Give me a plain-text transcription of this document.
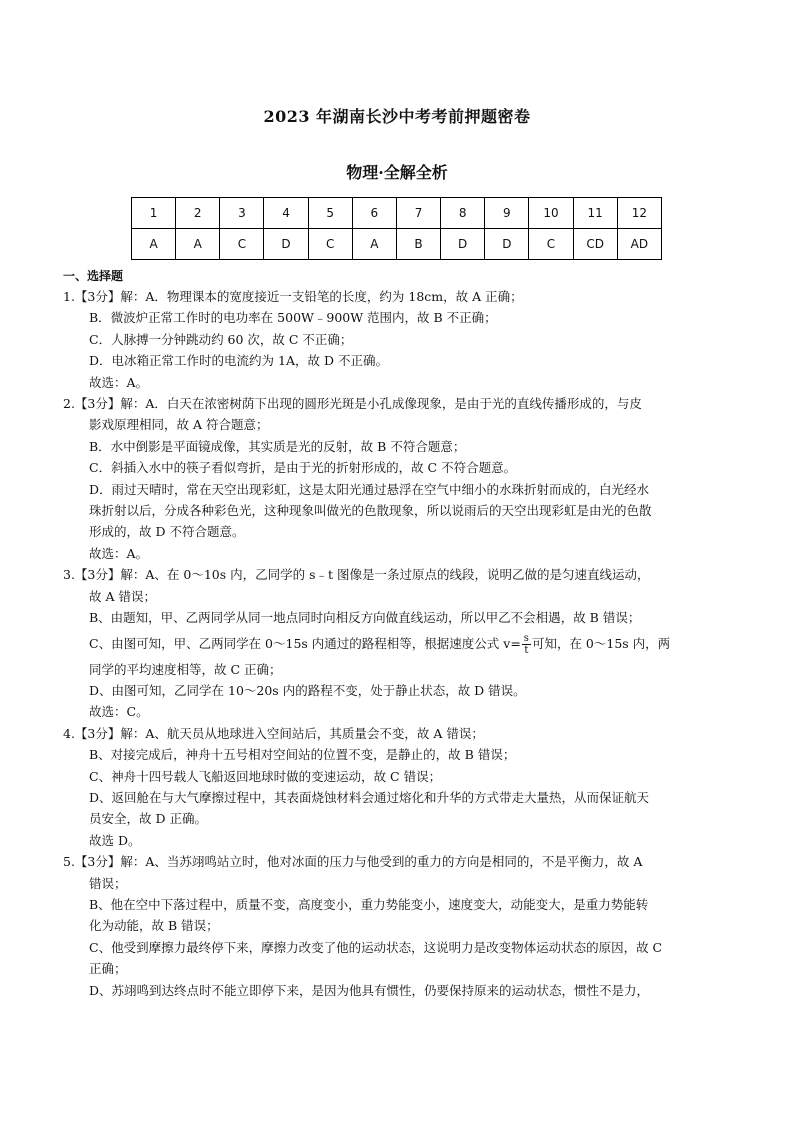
2023 年湖南长沙中考考前押题密卷
物理·全解全析
1	2	3	4	5	6	7	8	9	10	11	12
A	A	C	D	C	A	B	D	D	C	CD	AD
一、选择题
1.【3分】解：A．物理课本的宽度接近一支铅笔的长度，约为 18cm，故 A 正确；
B．微波炉正常工作时的电功率在 500W﹣900W 范围内，故 B 不正确；
C．人脉搏一分钟跳动约 60 次，故 C 不正确；
D．电冰箱正常工作时的电流约为 1A，故 D 不正确。
故选：A。
2.【3分】解：A．白天在浓密树荫下出现的圆形光斑是小孔成像现象，是由于光的直线传播形成的，与皮
影戏原理相同，故 A 符合题意；
B．水中倒影是平面镜成像，其实质是光的反射，故 B 不符合题意；
C．斜插入水中的筷子看似弯折，是由于光的折射形成的，故 C 不符合题意。
D．雨过天晴时，常在天空出现彩虹，这是太阳光通过悬浮在空气中细小的水珠折射而成的，白光经水
珠折射以后，分成各种彩色光，这种现象叫做光的色散现象，所以说雨后的天空出现彩虹是由光的色散
形成的，故 D 不符合题意。
故选：A。
3.【3分】解：A、在 0～10s 内，乙同学的 s﹣t 图像是一条过原点的线段，说明乙做的是匀速直线运动，
故 A 错误；
B、由题知，甲、乙两同学从同一地点同时向相反方向做直线运动，所以甲乙不会相遇，故 B 错误；
C、由图可知，甲、乙两同学在 0～15s 内通过的路程相等，根据速度公式 $v= \frac{s}{t}$ 可知，在 0～15s 内，两
同学的平均速度相等，故 C 正确；
D、由图可知，乙同学在 10～20s 内的路程不变，处于静止状态，故 D 错误。
故选：C。
4.【3分】解：A、航天员从地球进入空间站后，其质量会不变，故 A 错误；
B、对接完成后，神舟十五号相对空间站的位置不变，是静止的，故 B 错误；
C、神舟十四号载人飞船返回地球时做的变速运动，故 C 错误；
D、返回舱在与大气摩擦过程中，其表面烧蚀材料会通过熔化和升华的方式带走大量热，从而保证航天
员安全，故 D 正确。
故选 D。
5.【3分】解：A、当苏翊鸣站立时，他对冰面的压力与他受到的重力的方向是相同的，不是平衡力，故 A
错误；
B、他在空中下落过程中，质量不变，高度变小，重力势能变小，速度变大，动能变大，是重力势能转
化为动能，故 B 错误；
C、他受到摩擦力最终停下来，摩擦力改变了他的运动状态，这说明力是改变物体运动状态的原因，故 C
正确；
D、苏翊鸣到达终点时不能立即停下来，是因为他具有惯性，仍要保持原来的运动状态，惯性不是力，
